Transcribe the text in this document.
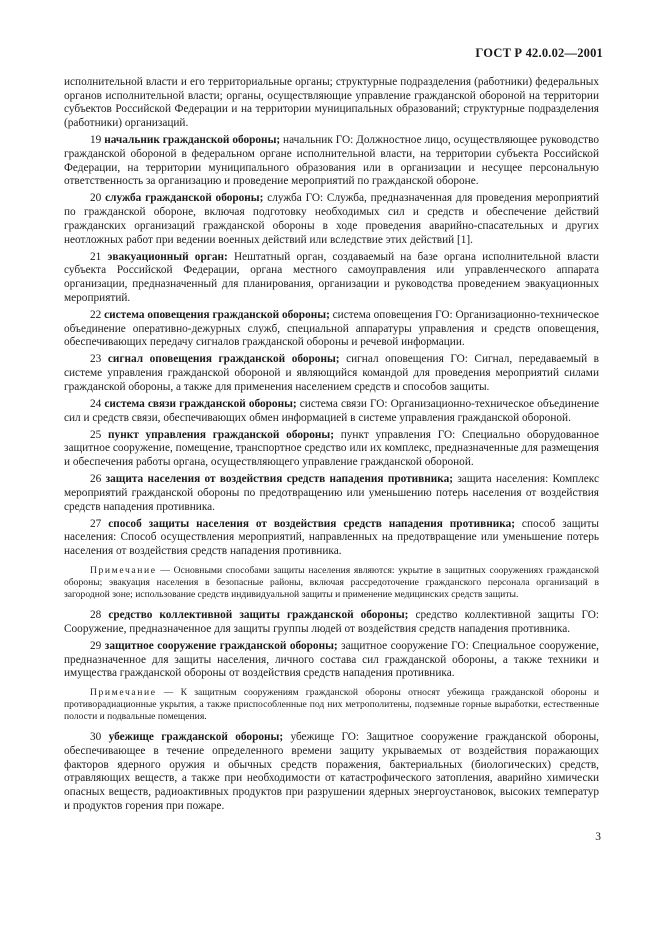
ГОСТ Р 42.0.02—2001

исполнительной власти и его территориальные органы; структурные подразделения (работники) федеральных органов исполнительной власти; органы, осуществляющие управление гражданской обороной на территории субъектов Российской Федерации и на территории муниципальных образований; структурные подразделения (работники) организаций.

19 начальник гражданской обороны; начальник ГО: Должностное лицо, осуществляющее руководство гражданской обороной в федеральном органе исполнительной власти, на территории субъекта Российской Федерации, на территории муниципального образования или в организации и несущее персональную ответственность за организацию и проведение мероприятий по гражданской обороне.

20 служба гражданской обороны; служба ГО: Служба, предназначенная для проведения мероприятий по гражданской обороне, включая подготовку необходимых сил и средств и обеспечение действий гражданских организаций гражданской обороны в ходе проведения аварийно-спасательных и других неотложных работ при ведении военных действий или вследствие этих действий [1].

21 эвакуационный орган: Нештатный орган, создаваемый на базе органа исполнительной власти субъекта Российской Федерации, органа местного самоуправления или управленческого аппарата организации, предназначенный для планирования, организации и руководства проведением эвакуационных мероприятий.

22 система оповещения гражданской обороны; система оповещения ГО: Организационно-техническое объединение оперативно-дежурных служб, специальной аппаратуры управления и средств оповещения, обеспечивающих передачу сигналов гражданской обороны и речевой информации.

23 сигнал оповещения гражданской обороны; сигнал оповещения ГО: Сигнал, передаваемый в системе управления гражданской обороной и являющийся командой для проведения мероприятий силами гражданской обороны, а также для применения населением средств и способов защиты.

24 система связи гражданской обороны; система связи ГО: Организационно-техническое объединение сил и средств связи, обеспечивающих обмен информацией в системе управления гражданской обороной.

25 пункт управления гражданской обороны; пункт управления ГО: Специально оборудованное защитное сооружение, помещение, транспортное средство или их комплекс, предназначенные для размещения и обеспечения работы органа, осуществляющего управление гражданской обороной.

26 защита населения от воздействия средств нападения противника; защита населения: Комплекс мероприятий гражданской обороны по предотвращению или уменьшению потерь населения от воздействия средств нападения противника.

27 способ защиты населения от воздействия средств нападения противника; способ защиты населения: Способ осуществления мероприятий, направленных на предотвращение или уменьшение потерь населения от воздействия средств нападения противника.

Примечание — Основными способами защиты населения являются: укрытие в защитных сооружениях гражданской обороны; эвакуация населения в безопасные районы, включая рассредоточение гражданского персонала организаций в загородной зоне; использование средств индивидуальной защиты и применение медицинских средств защиты.

28 средство коллективной защиты гражданской обороны; средство коллективной защиты ГО: Сооружение, предназначенное для защиты группы людей от воздействия средств нападения противника.

29 защитное сооружение гражданской обороны; защитное сооружение ГО: Специальное сооружение, предназначенное для защиты населения, личного состава сил гражданской обороны, а также техники и имущества гражданской обороны от воздействия средств нападения противника.

Примечание — К защитным сооружениям гражданской обороны относят убежища гражданской обороны и противорадиационные укрытия, а также приспособленные под них метрополитены, подземные горные выработки, естественные полости и подвальные помещения.

30 убежище гражданской обороны; убежище ГО: Защитное сооружение гражданской обороны, обеспечивающее в течение определенного времени защиту укрываемых от воздействия поражающих факторов ядерного оружия и обычных средств поражения, бактериальных (биологических) средств, отравляющих веществ, а также при необходимости от катастрофического затопления, аварийно химически опасных веществ, радиоактивных продуктов при разрушении ядерных энергоустановок, высоких температур и продуктов горения при пожаре.

3
